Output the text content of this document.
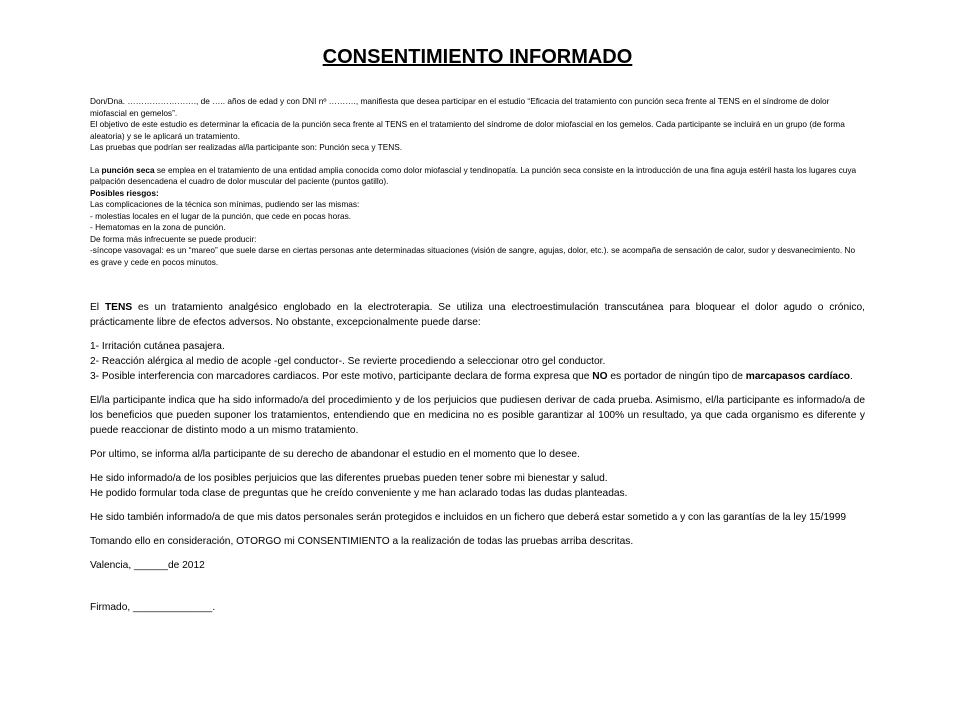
CONSENTIMIENTO INFORMADO

Don/Dna. ……………………., de ….. años de edad y con DNI nº ………., manifiesta que desea participar en el estudio “Eficacia del tratamiento con punción seca frente al TENS en el síndrome de dolor miofascial en gemelos”.

El objetivo de este estudio es determinar la eficacia de la punción seca frente al TENS en el tratamiento del síndrome de dolor miofascial en los gemelos. Cada participante se incluirá en un grupo (de forma aleatoria) y se le aplicará un tratamiento.

Las pruebas que podrían ser realizadas al/la participante son: Punción seca y TENS.

La punción seca se emplea en el tratamiento de una entidad amplia conocida como dolor miofascial y tendinopatía. La punción seca consiste en la introducción de una fina aguja estéril hasta los lugares cuya palpación desencadena el cuadro de dolor muscular del paciente (puntos gatillo).

Posibles riesgos:

Las complicaciones de la técnica son mínimas, pudiendo ser las mismas:

- molestias locales en el lugar de la punción, que cede en pocas horas.

- Hematomas en la zona de punción.

De forma más infrecuente se puede producir:

-síncope vasovagal: es un “mareo” que suele darse en ciertas personas ante determinadas situaciones (visión de sangre, agujas, dolor, etc.). se acompaña de sensación de calor, sudor y desvanecimiento. No es grave y cede en pocos minutos.

El TENS es un tratamiento analgésico englobado en la electroterapia. Se utiliza una electroestimulación transcutánea para bloquear el dolor agudo o crónico, prácticamente libre de efectos adversos. No obstante, excepcionalmente puede darse:

1- Irritación cutánea pasajera.

2- Reacción alérgica al medio de acople -gel conductor-. Se revierte procediendo a seleccionar otro gel conductor.

3- Posible interferencia con marcadores cardiacos. Por este motivo, participante declara de forma expresa que NO es portador de ningún tipo de marcapasos cardíaco.

El/la participante indica que ha sido informado/a del procedimiento y de los perjuicios que pudiesen derivar de cada prueba. Asimismo, el/la participante es informado/a de los beneficios que pueden suponer los tratamientos, entendiendo que en medicina no es posible garantizar al 100% un resultado, ya que cada organismo es diferente y puede reaccionar de distinto modo a un mismo tratamiento.

Por ultimo, se informa al/la participante de su derecho de abandonar el estudio en el momento que lo desee.

He sido informado/a de los posibles perjuicios que las diferentes pruebas pueden tener sobre mi bienestar y salud.

He podido formular toda clase de preguntas que he creído conveniente y me han aclarado todas las dudas planteadas.

He sido también informado/a de que mis datos personales serán protegidos e incluidos en un fichero que deberá estar sometido a y con las garantías de la ley 15/1999

Tomando ello en consideración, OTORGO mi CONSENTIMIENTO a la realización de todas las pruebas arriba descritas.

Valencia, ______de 2012

Firmado, ______________.
